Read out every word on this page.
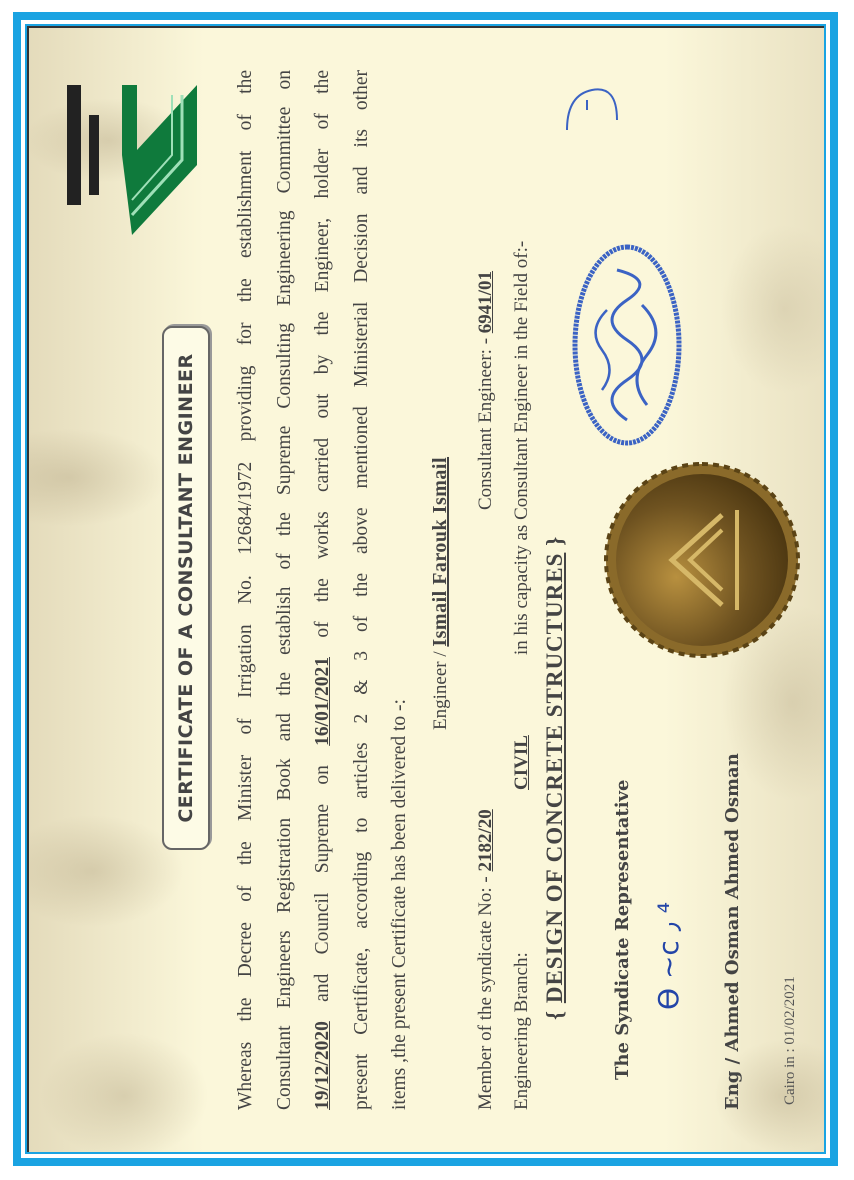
CERTIFICATE OF A CONSULTANT ENGINEER	Whereas the Decree of the Minister of Irrigation No. 12684/1972 providing for the establishment of the Consultant Engineers Registration Book and the establish of the Supreme Consulting Engineering Committee on 19/12/2020 and Council Supreme on 16/01/2021 of the works carried out by the Engineer, holder of the present Certificate, according to articles 2 & 3 of the above mentioned Ministerial Decision and its other items ,the present Certificate has been delivered to -:

Engineer / Ismail Farouk Ismail
Member of the syndicate No: - 2182/20
Consultant Engineer: - 6941/01
Engineering Branch:
CIVIL
in his capacity as Consultant Engineer in the Field of:-
{ DESIGN OF CONCRETE STRUCTURES }
The Syndicate Representative Ɵ ~c ٫ ⁴ Eng / Ahmed Osman Ahmed Osman	Cairo in : 01/02/2021
